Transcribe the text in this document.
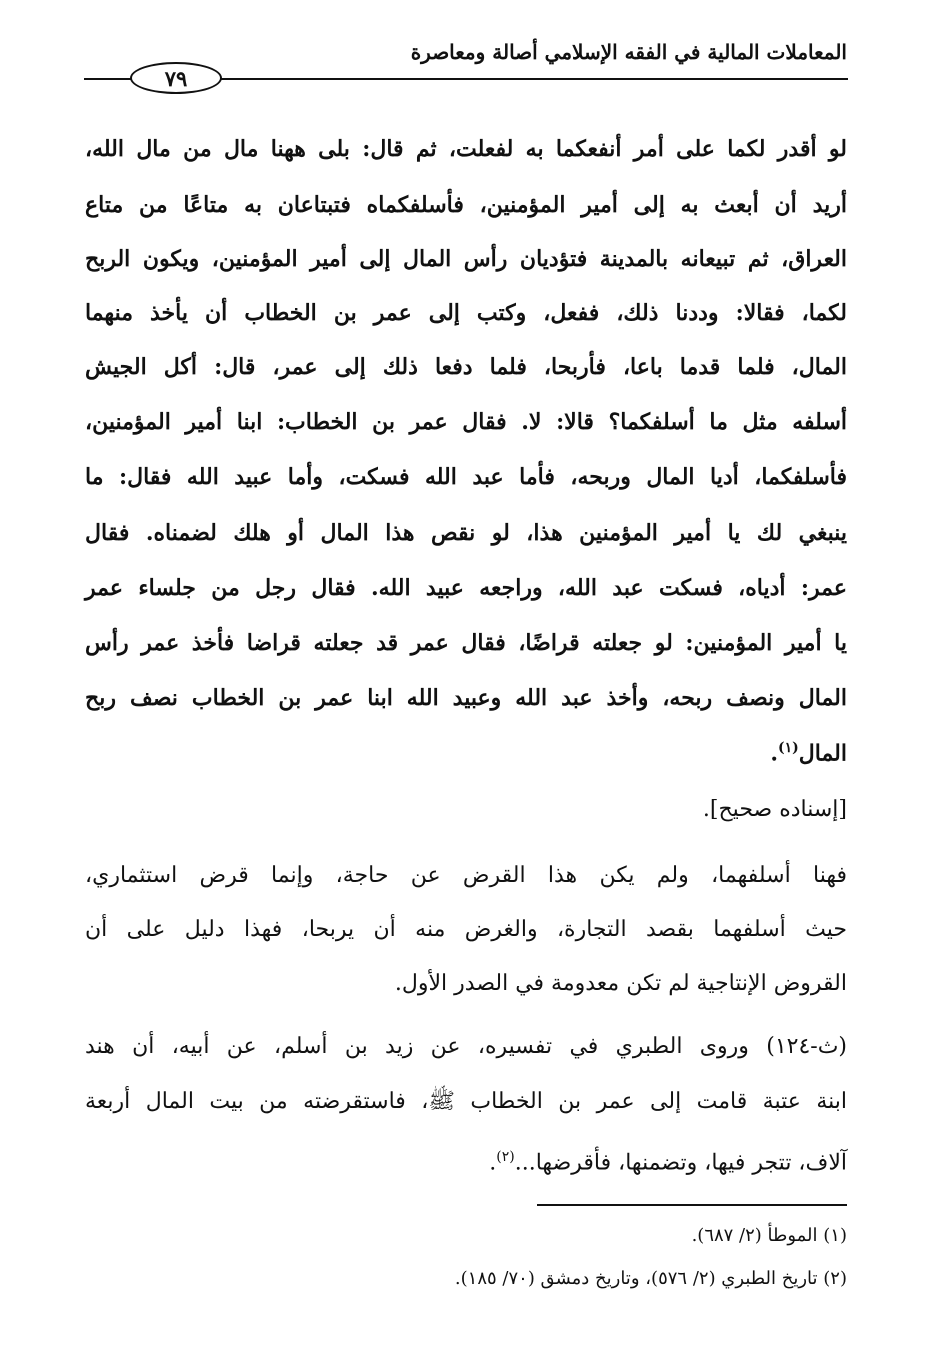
المعاملات المالية في الفقه الإسلامي أصالة ومعاصرة
٧٩
لو أقدر لكما على أمر أنفعكما به لفعلت، ثم قال: بلى ههنا مال من مال الله،
أريد أن أبعث به إلى أمير المؤمنين، فأسلفكماه فتبتاعان به متاعًا من متاع
العراق، ثم تبيعانه بالمدينة فتؤديان رأس المال إلى أمير المؤمنين، ويكون الربح
لكما، فقالا: وددنا ذلك، ففعل، وكتب إلى عمر بن الخطاب أن يأخذ منهما
المال، فلما قدما باعا، فأربحا، فلما دفعا ذلك إلى عمر، قال: أكل الجيش
أسلفه مثل ما أسلفكما؟ قالا: لا. فقال عمر بن الخطاب: ابنا أمير المؤمنين،
فأسلفكما، أديا المال وربحه، فأما عبد الله فسكت، وأما عبيد الله فقال: ما
ينبغي لك يا أمير المؤمنين هذا، لو نقص هذا المال أو هلك لضمناه. فقال
عمر: أدياه، فسكت عبد الله، وراجعه عبيد الله. فقال رجل من جلساء عمر
يا أمير المؤمنين: لو جعلته قراضًا، فقال عمر قد جعلته قراضا فأخذ عمر رأس
المال ونصف ربحه، وأخذ عبد الله وعبيد الله ابنا عمر بن الخطاب نصف ربح
المال$^{(١)}$.
[إسناده صحيح].
فهنا أسلفهما، ولم يكن هذا القرض عن حاجة، وإنما قرض استثماري،
حيث أسلفهما بقصد التجارة، والغرض منه أن يربحا، فهذا دليل على أن
القروض الإنتاجية لم تكن معدومة في الصدر الأول.
(ث-١٢٤) وروى الطبري في تفسيره، عن زيد بن أسلم، عن أبيه، أن هند
ابنة عتبة قامت إلى عمر بن الخطاب ﷺ، فاستقرضته من بيت المال أربعة
آلاف، تتجر فيها، وتضمنها، فأقرضها...$^{(٢)}$.
(١) الموطأ (٢/ ٦٨٧).
(٢) تاريخ الطبري (٢/ ٥٧٦)، وتاريخ دمشق (٧٠/ ١٨٥).
